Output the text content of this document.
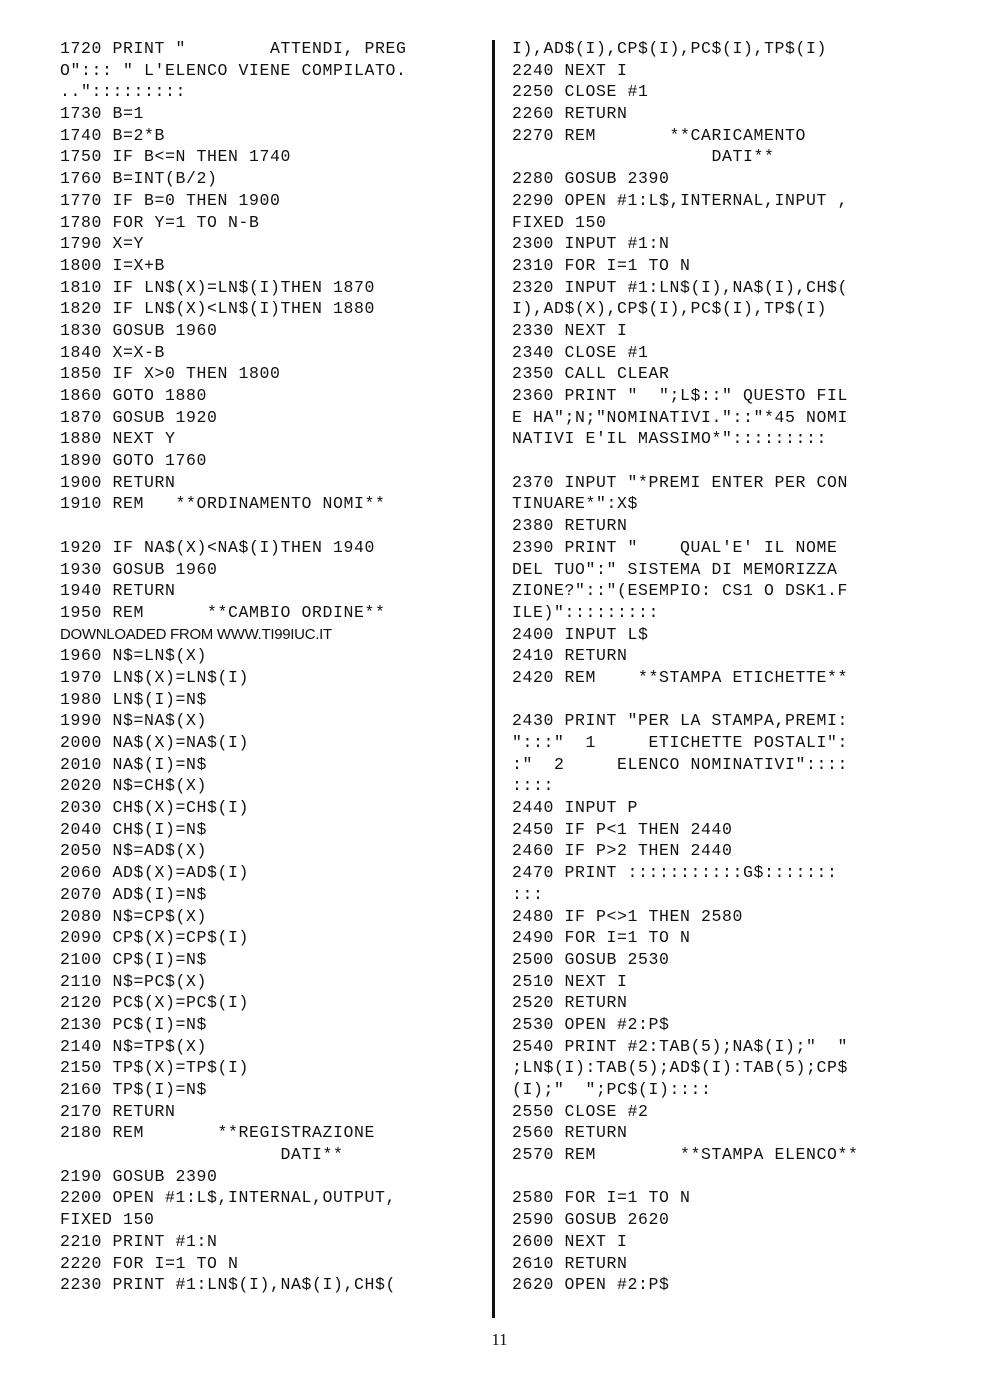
1720 PRINT "        ATTENDI, PREG
O"::: " L'ELENCO VIENE COMPILATO.
..":::::::::
1730 B=1
1740 B=2*B
1750 IF B<=N THEN 1740
1760 B=INT(B/2)
1770 IF B=0 THEN 1900
1780 FOR Y=1 TO N-B
1790 X=Y
1800 I=X+B
1810 IF LN$(X)=LN$(I)THEN 1870
1820 IF LN$(X)<LN$(I)THEN 1880
1830 GOSUB 1960
1840 X=X-B
1850 IF X>0 THEN 1800
1860 GOTO 1880
1870 GOSUB 1920
1880 NEXT Y
1890 GOTO 1760
1900 RETURN
1910 REM   **ORDINAMENTO NOMI**
1920 IF NA$(X)<NA$(I)THEN 1940
1930 GOSUB 1960
1940 RETURN
1950 REM      **CAMBIO ORDINE**
DOWNLOADED FROM WWW.TI99IUC.IT
1960 N$=LN$(X)
1970 LN$(X)=LN$(I)
1980 LN$(I)=N$
1990 N$=NA$(X)
2000 NA$(X)=NA$(I)
2010 NA$(I)=N$
2020 N$=CH$(X)
2030 CH$(X)=CH$(I)
2040 CH$(I)=N$
2050 N$=AD$(X)
2060 AD$(X)=AD$(I)
2070 AD$(I)=N$
2080 N$=CP$(X)
2090 CP$(X)=CP$(I)
2100 CP$(I)=N$
2110 N$=PC$(X)
2120 PC$(X)=PC$(I)
2130 PC$(I)=N$
2140 N$=TP$(X)
2150 TP$(X)=TP$(I)
2160 TP$(I)=N$
2170 RETURN
2180 REM       **REGISTRAZIONE
DATI**
2190 GOSUB 2390
2200 OPEN #1:L$,INTERNAL,OUTPUT,
FIXED 150
2210 PRINT #1:N
2220 FOR I=1 TO N
2230 PRINT #1:LN$(I),NA$(I),CH$(
I),AD$(I),CP$(I),PC$(I),TP$(I)
2240 NEXT I
2250 CLOSE #1
2260 RETURN
2270 REM       **CARICAMENTO
DATI**
2280 GOSUB 2390
2290 OPEN #1:L$,INTERNAL,INPUT ,
FIXED 150
2300 INPUT #1:N
2310 FOR I=1 TO N
2320 INPUT #1:LN$(I),NA$(I),CH$(
I),AD$(X),CP$(I),PC$(I),TP$(I)
2330 NEXT I
2340 CLOSE #1
2350 CALL CLEAR
2360 PRINT "  ";L$::" QUESTO FIL
E HA";N;"NOMINATIVI."::"*45 NOMI
NATIVI E'IL MASSIMO*":::::::::
2370 INPUT "*PREMI ENTER PER CON
TINUARE*":X$
2380 RETURN
2390 PRINT "    QUAL'E' IL NOME
DEL TUO":" SISTEMA DI MEMORIZZA
ZIONE?"::"(ESEMPIO: CS1 O DSK1.F
ILE)":::::::::
2400 INPUT L$
2410 RETURN
2420 REM    **STAMPA ETICHETTE**
2430 PRINT "PER LA STAMPA,PREMI:
":::"  1     ETICHETTE POSTALI":
:"  2     ELENCO NOMINATIVI"::::
::::
2440 INPUT P
2450 IF P<1 THEN 2440
2460 IF P>2 THEN 2440
2470 PRINT :::::::::::G$:::::::
:::
2480 IF P<>1 THEN 2580
2490 FOR I=1 TO N
2500 GOSUB 2530
2510 NEXT I
2520 RETURN
2530 OPEN #2:P$
2540 PRINT #2:TAB(5);NA$(I);"  "
;LN$(I):TAB(5);AD$(I):TAB(5);CP$
(I);"  ";PC$(I)::::
2550 CLOSE #2
2560 RETURN
2570 REM        **STAMPA ELENCO**
2580 FOR I=1 TO N
2590 GOSUB 2620
2600 NEXT I
2610 RETURN
2620 OPEN #2:P$
11
